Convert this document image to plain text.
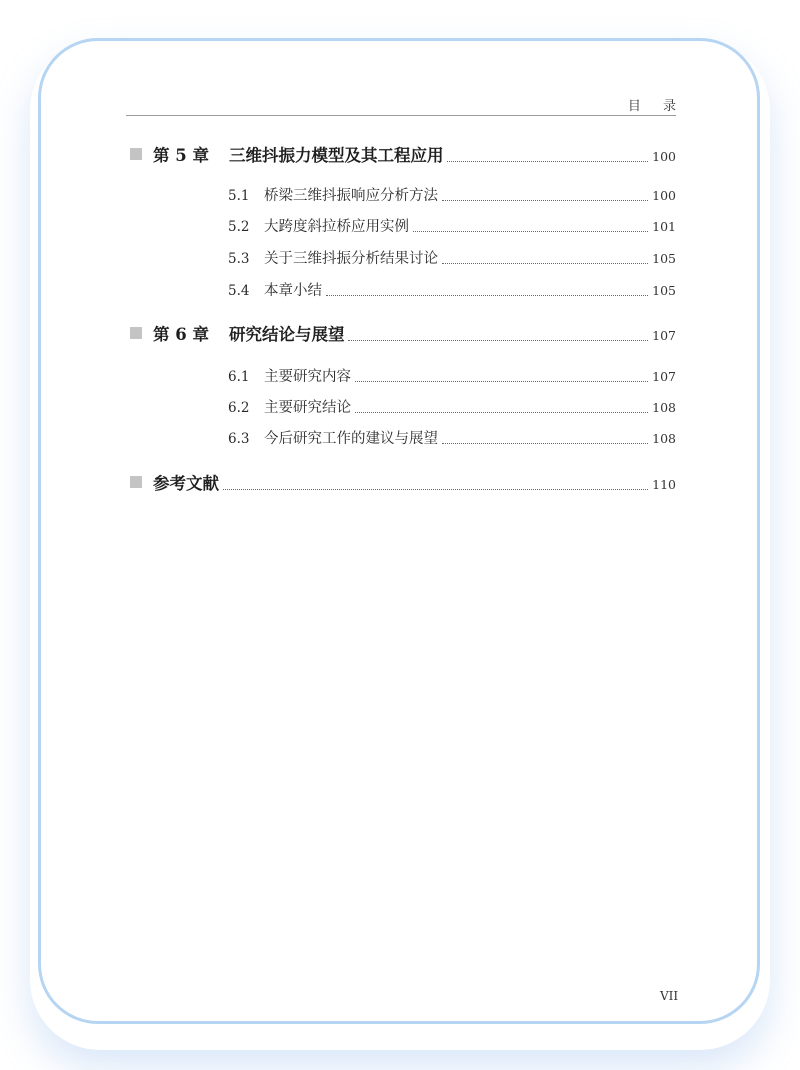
目 录
第 5 章 三维抖振力模型及其工程应用	100
5.1	桥梁三维抖振响应分析方法	100
5.2	大跨度斜拉桥应用实例	101
5.3	关于三维抖振分析结果讨论	105
5.4	本章小结	105
第 6 章 研究结论与展望	107
6.1	主要研究内容	107
6.2	主要研究结论	108
6.3	今后研究工作的建议与展望	108
参考文献	110
VII
